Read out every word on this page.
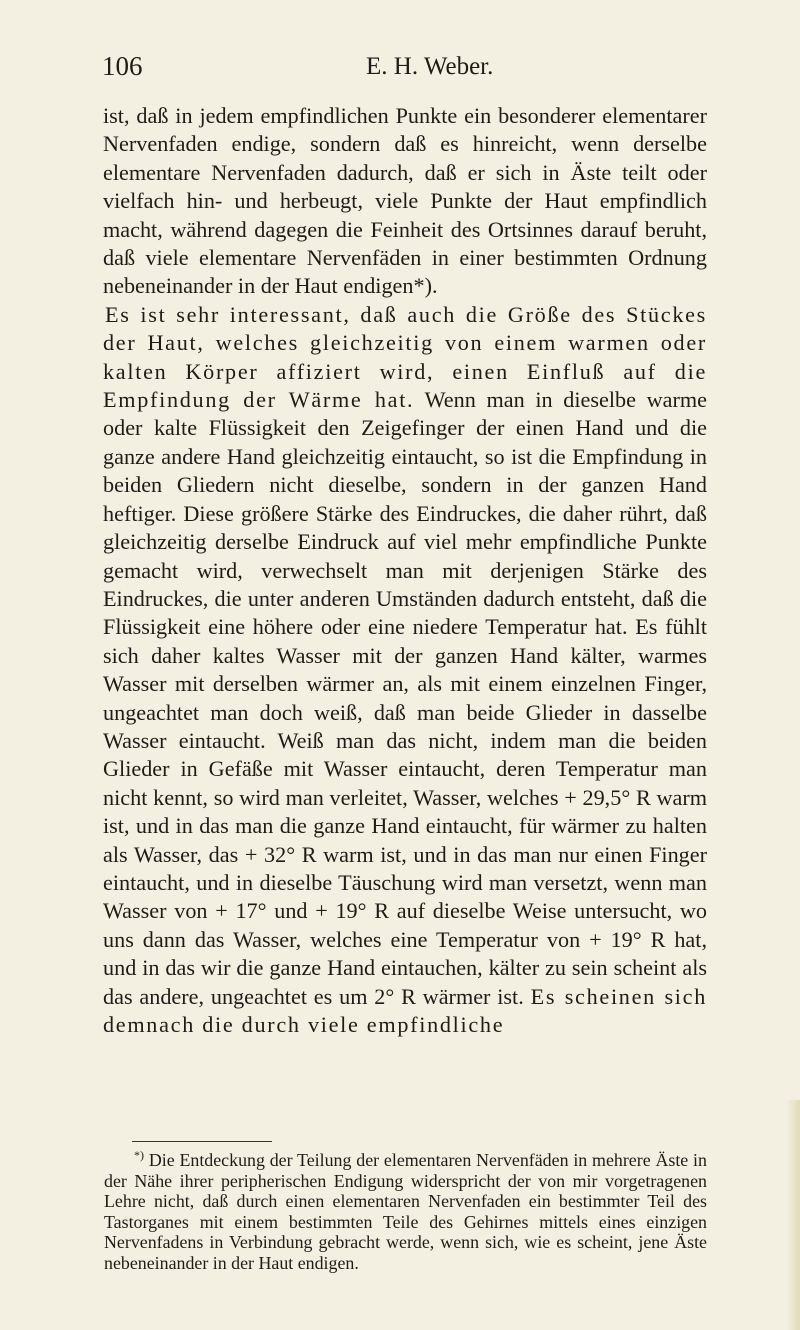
106	E. H. Weber.

ist, daß in jedem empfindlichen Punkte ein besonderer elementarer Nervenfaden endige, sondern daß es hinreicht, wenn derselbe elementare Nervenfaden dadurch, daß er sich in Äste teilt oder vielfach hin- und herbeugt, viele Punkte der Haut empfindlich macht, während dagegen die Feinheit des Ortsinnes darauf beruht, daß viele elementare Nervenfäden in einer bestimmten Ordnung nebeneinander in der Haut endigen*).

Es ist sehr interessant, daß auch die Größe des Stückes der Haut, welches gleichzeitig von einem warmen oder kalten Körper affiziert wird, einen Einfluß auf die Empfindung der Wärme hat. Wenn man in dieselbe warme oder kalte Flüssigkeit den Zeigefinger der einen Hand und die ganze andere Hand gleichzeitig eintaucht, so ist die Empfindung in beiden Gliedern nicht dieselbe, sondern in der ganzen Hand heftiger. Diese größere Stärke des Eindruckes, die daher rührt, daß gleichzeitig derselbe Eindruck auf viel mehr empfindliche Punkte gemacht wird, verwechselt man mit derjenigen Stärke des Eindruckes, die unter anderen Umständen dadurch entsteht, daß die Flüssigkeit eine höhere oder eine niedere Temperatur hat. Es fühlt sich daher kaltes Wasser mit der ganzen Hand kälter, warmes Wasser mit derselben wärmer an, als mit einem einzelnen Finger, ungeachtet man doch weiß, daß man beide Glieder in dasselbe Wasser eintaucht. Weiß man das nicht, indem man die beiden Glieder in Gefäße mit Wasser eintaucht, deren Temperatur man nicht kennt, so wird man verleitet, Wasser, welches + 29,5° R warm ist, und in das man die ganze Hand eintaucht, für wärmer zu halten als Wasser, das + 32° R warm ist, und in das man nur einen Finger eintaucht, und in dieselbe Täuschung wird man versetzt, wenn man Wasser von + 17° und + 19° R auf dieselbe Weise untersucht, wo uns dann das Wasser, welches eine Temperatur von + 19° R hat, und in das wir die ganze Hand eintauchen, kälter zu sein scheint als das andere, ungeachtet es um 2° R wärmer ist. Es scheinen sich demnach die durch viele empfindliche

*) Die Entdeckung der Teilung der elementaren Nervenfäden in mehrere Äste in der Nähe ihrer peripherischen Endigung widerspricht der von mir vorgetragenen Lehre nicht, daß durch einen elementaren Nervenfaden ein bestimmter Teil des Tastorganes mit einem bestimmten Teile des Gehirnes mittels eines einzigen Nervenfadens in Verbindung gebracht werde, wenn sich, wie es scheint, jene Äste nebeneinander in der Haut endigen.
